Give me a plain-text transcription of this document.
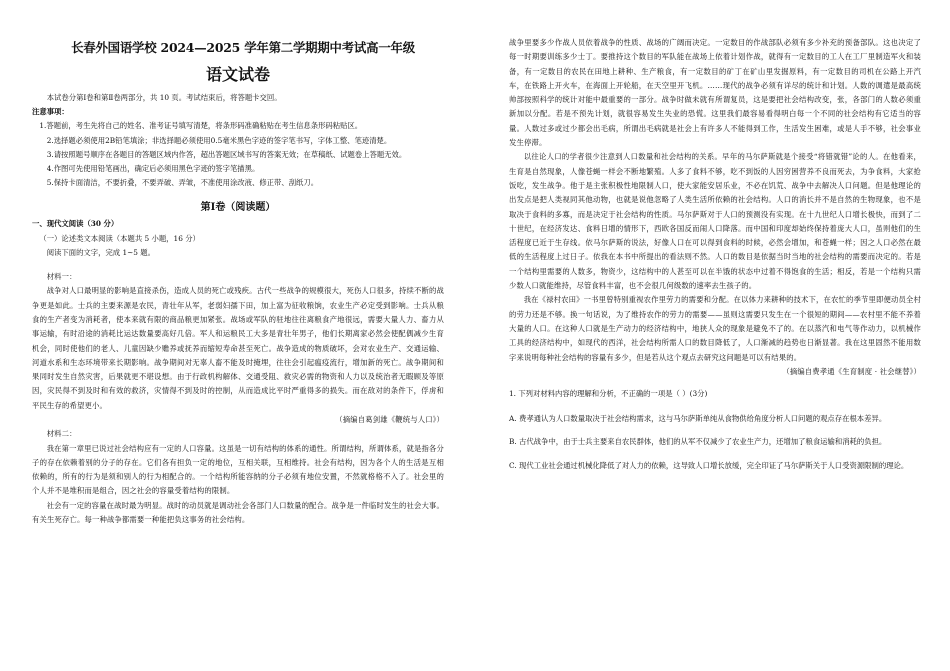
长春外国语学校 2024—2025 学年第二学期期中考试高一年级
语文试卷

本试卷分第Ⅰ卷和第Ⅱ卷两部分，共 10 页。考试结束后，将答题卡交回。

注意事项：

1.答题前，考生先将自己的姓名、准考证号填写清楚，将条形码准确粘贴在考生信息条形码粘贴区。

2.选择题必须使用2B铅笔填涂；非选择题必须使用0.5毫米黑色字迹的签字笔书写，字体工整、笔迹清楚。

3.请按照题号顺序在各题目的答题区域内作答，超出答题区域书写的答案无效；在草稿纸、试题卷上答题无效。

4.作图可先使用铅笔画出，确定后必须用黑色字迹的签字笔描黑。

5.保持卡面清洁，不要折叠，不要弄破、弄皱，不准使用涂改液、修正带、刮纸刀。

第Ⅰ卷（阅读题）

一、现代文阅读（30 分）

（一）论述类文本阅读（本题共 5 小题，16 分）

阅读下面的文字，完成 1~5 题。

材料一：

战争对人口最明显的影响是直接杀伤，造成人员的死亡或残疾。古代一些战争的规模很大，死伤人口很多，持续不断的战争更是如此。士兵的主要来源是农民，青壮年从军，老弱妇孺下田，加上富为征收粮饷，农业生产必定受到影响。士兵从粮食的生产者变为消耗者，使本来就有限的商品粮更加紧张。战场或军队的驻地往往离粮食产地很远，需要大量人力、畜力从事运输，有时沿途的消耗比运达数量要高好几倍。军人和运粮民工大多是青壮年男子，他们长期离家必然会使配偶减少生育机会，同时使他们的老人、儿童因缺少赡养或抚养而缩短寿命甚至死亡。战争造成的物质破坏，会对农业生产、交通运输、河道水系和生态环境带来长期影响。战争期间对无辜人畜不能及时掩埋，往往会引起瘟疫流行，增加新的死亡。战争期间和果同时发生自然灾害，后果就更不堪设想。由于行政机构解体、交通受阻、救灾必需的物资和人力以及统治者无暇顾及等原因，灾民得不到及时和有效的救济，灾情得不到及时的控制，从而造成比平时严重得多的损失。而在敌对的条件下，俘虏和平民生存的希望更小。

（摘编自葛剑雄《鞭统与人口》）

材料二：

我在第一章里已说过社会结构应有一定的人口容量。这虽是一切有结构的体系的通性。所谓结构，所谓体系，就是指各分子的存在依赖着别的分子的存在。它们各有担负一定的地位，互相关联，互相维持。社会有结构，因为各个人的生活是互相依赖的，所有的行为是须和别人的行为相配合的。一个结构所能容纳的分子必须有地位安置，不然就格格不入了。社会里的个人并不是堆积而是组合，因之社会的容量受着结构的限制。

社会有一定的容量在战时最为明显。战时的动员就是调动社会各部门人口数量的配合。战争是一件临时发生的社会大事。有关生死存亡。每一种战争都需要一种能把负这事务的社会结构。

战争里要多少作战人员依着战争的性质、战场的广阔而决定。一定数目的作战部队必须有多少补充的预备部队。这也决定了每一时期要训练多少士丁。要推持这个数目的军队能在战场上依着计划作战，就得有一定数目的工人在工厂里制造军火和装备，有一定数目的农民在田地上耕种、生产粮食，有一定数目的矿丁在矿山里发掘原料，有一定数目的司机在公路上开汽车，在铁路上开火车，在海面上开轮船，在天空里开飞机。……现代的战争必须有详尽的统计和计划。人数的调遣是最高统帅部按照科学的统计对能中最重要的一部分。战争时做未就有所谓复员，这是要把社会结构改变，张，各部门的人数必须重新加以分配。若是不预先计划，就很容易发生失业的恐慌。这里我们最容易看得明白每一个不同的社会结构有它适当的容量。人数过多或过少都会出毛病，所谓出毛病就是社会上有许多人不能得到工作，生活发生困难，或是人手不够，社会事业发生停滞。

以往论人口的学者很少注意到人口数量和社会结构的关系。早年的马尔萨斯就是个接受“将错就错”论的人。在他看来，生育是自然现象，人像苍蝇一样会不断地繁殖。人多了食料不够，吃不到饭的人因穷困营养不良而死去，为争食料，大家抢饭吃，发生战争。他于是主张积极性地限制人口，使大家能安居乐业，不必在饥荒、战争中去解决人口问题。但是他理论的出发点是把人类视同其他动物，也就是说他忽略了人类生活所依赖的社会结构。人口的消长并不是自然的生物现象，也不是取决于食料的多寡，而是决定于社会结构的性质。马尔萨斯对于人口的预测没有实现。在十九世纪人口增长极快，而到了二十世纪，在经济发达、食料日增的情形下，西欧各国反而闹人口降落。而中国和印度却始终保持着庞大人口，虽则他们的生活程度已近于生存线。依马尔萨斯的说法，好像人口在可以得到食料的时候，必然会增加，和苍蝇一样；因之人口必然在最低的生活程度上过日子。依我在本书中所提出的看法则不然。人口的数目是依据当时当地的社会结构的需要而决定的。若是一个结构里需要的人数多，物资少，这结构中的人甚至可以在半饿的状态中过着不得饱食的生活；相反，若是一个结构只需少数人口就能维持，尽管食料丰富，也不会很几何级数的速率去生孩子的。

我在《禄村农田》一书里曾特别重视农作里劳力的需要和分配。在以体力来耕种的技术下，在农忙的季节里即便动员全村的劳力还是不够。换一句话说，为了维持农作的劳力的需要——虽则这需要只发生在一个很短的期间——农村里不能不养着大量的人口。在这种人口就是生产动力的经济结构中，地狭人众的现象是避免不了的。在以蒸汽和电气等作动力，以机械作工具的经济结构中，如现代的西洋，社会结构所需人口的数目降低了，人口渐减的趋势也日渐显著。我在这里固然不能用数字来说明每种社会结构的容量有多少，但是若从这个观点去研究这问题是可以有结果的。

（摘编自费孝通《生育制度 · 社会继替》）

1. 下列对材料内容的理解和分析，不正确的一项是（ ）(3分)

A. 费孝通认为人口数量取决于社会结构需求，这与马尔萨斯单纯从食物供给角度分析人口问题的观点存在根本差异。

B. 古代战争中，由于士兵主要来自农民群体，他们的从军不仅减少了农业生产力，还增加了粮食运输和消耗的负担。

C. 现代工业社会通过机械化降低了对人力的依赖，这导致人口增长放缓，完全印证了马尔萨斯关于人口受资源限制的理论。
